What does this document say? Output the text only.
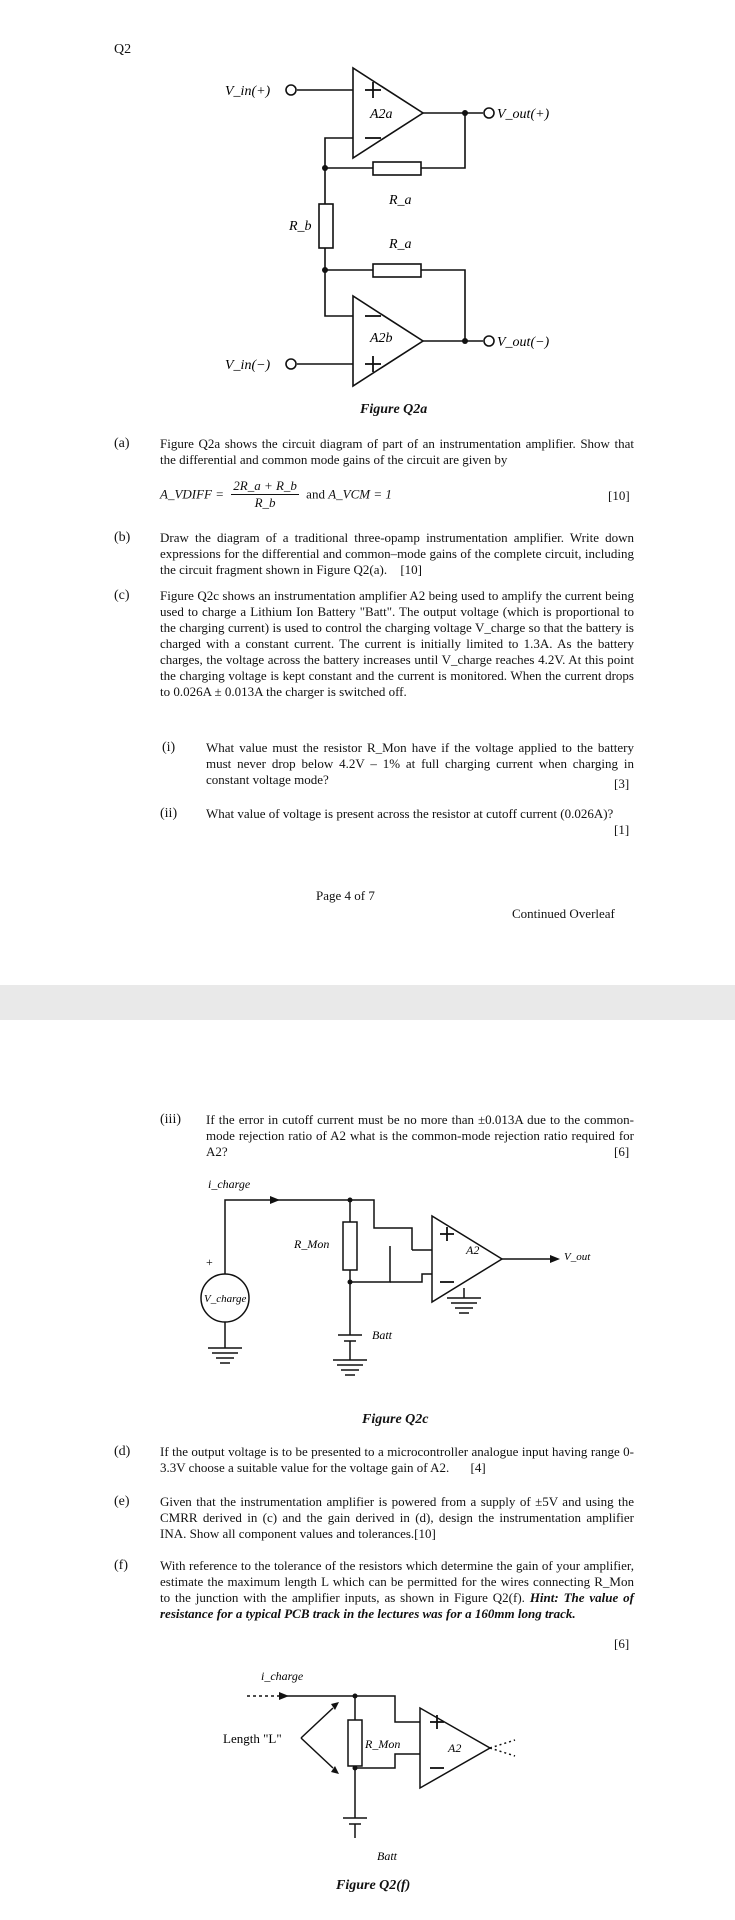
Q2
A2a
A2b
V_in(+)
V_in(−)
V_out(+)
V_out(−)
R_a
R_a
R_b
Figure Q2a
(a) Figure Q2a shows the circuit diagram of part of an instrumentation amplifier. Show that the differential and common mode gains of the circuit are given by
A_VDIFF = $\frac{2R\_a + R\_b}{R\_b}$ and A_VCM = 1	[10]
(b) Draw the diagram of a traditional three-opamp instrumentation amplifier. Write down expressions for the differential and common–mode gains of the complete circuit, including the circuit fragment shown in Figure Q2(a). [10]
(c) Figure Q2c shows an instrumentation amplifier A2 being used to amplify the current being used to charge a Lithium Ion Battery "Batt". The output voltage (which is proportional to the charging current) is used to control the charging voltage V_charge so that the battery is charged with a constant current. The current is initially limited to 1.3A. As the battery charges, the voltage across the battery increases until V_charge reaches 4.2V. At this point the charging voltage is kept constant and the current is monitored. When the current drops to 0.026A ± 0.013A the charger is switched off.
(i) What value must the resistor R_Mon have if the voltage applied to the battery must never drop below 4.2V – 1% at full charging current when charging in constant voltage mode?	[3]
(ii) What value of voltage is present across the resistor at cutoff current (0.026A)?
[1]
Page 4 of 7
Continued Overleaf
(iii) If the error in cutoff current must be no more than ±0.013A due to the common-mode rejection ratio of A2 what is the common-mode rejection ratio required for A2?	[6]
i_charge
+
V_charge
R_Mon	A2	V_out
Batt
Figure Q2c
(d) If the output voltage is to be presented to a microcontroller analogue input having range 0-3.3V choose a suitable value for the voltage gain of A2. [4]
(e) Given that the instrumentation amplifier is powered from a supply of ±5V and using the CMRR derived in (c) and the gain derived in (d), design the instrumentation amplifier INA. Show all component values and tolerances.[10]
(f) With reference to the tolerance of the resistors which determine the gain of your amplifier, estimate the maximum length L which can be permitted for the wires connecting R_Mon to the junction with the amplifier inputs, as shown in Figure Q2(f). Hint: The value of resistance for a typical PCB track in the lectures was for a 160mm long track.
[6]
i_charge
Length "L"	R_Mon	A2
Batt
Figure Q2(f)
